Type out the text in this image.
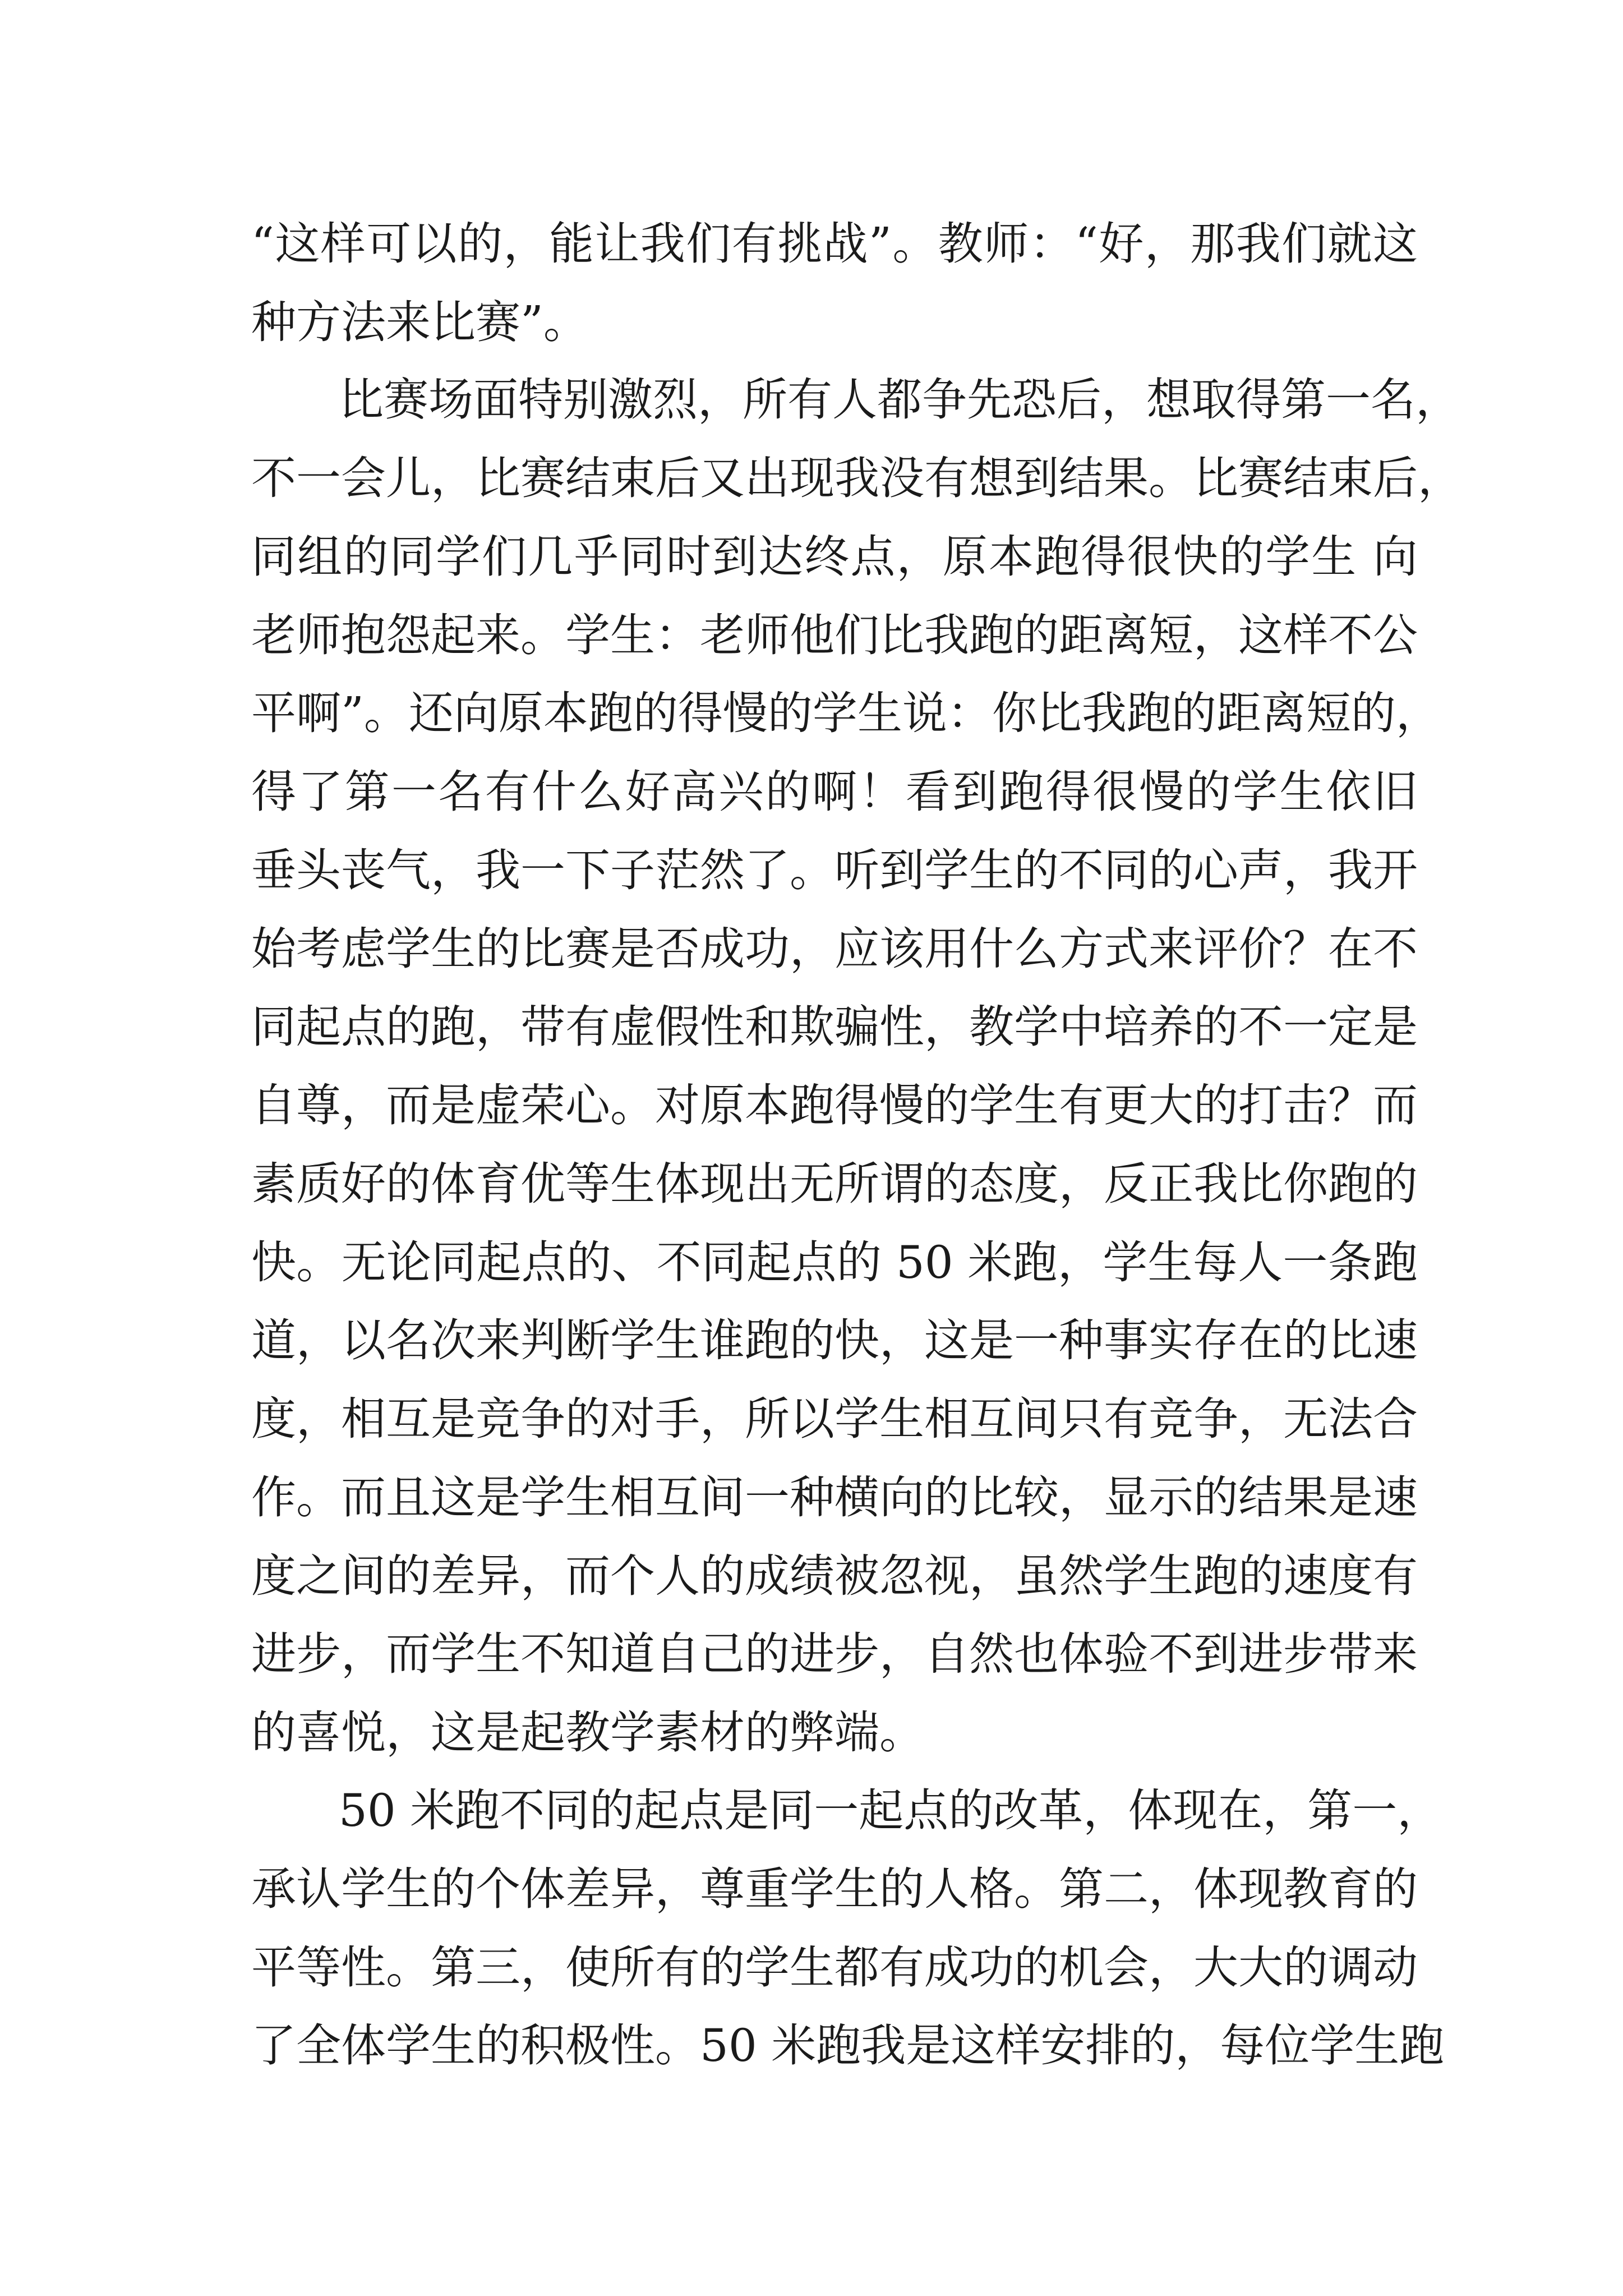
“这样可以的，能让我们有挑战”。教师：“好，那我们就这
种方法来比赛”。
比赛场面特别激烈，所有人都争先恐后，想取得第一名，
不一会儿，比赛结束后又出现我没有想到结果。比赛结束后，
同组的同学们几乎同时到达终点，原本跑得很快的学生 向
老师抱怨起来。学生：老师他们比我跑的距离短，这样不公
平啊”。还向原本跑的得慢的学生说：你比我跑的距离短的，
得了第一名有什么好高兴的啊！看到跑得很慢的学生依旧
垂头丧气，我一下子茫然了。听到学生的不同的心声，我开
始考虑学生的比赛是否成功，应该用什么方式来评价？在不
同起点的跑，带有虚假性和欺骗性，教学中培养的不一定是
自尊，而是虚荣心。对原本跑得慢的学生有更大的打击？而
素质好的体育优等生体现出无所谓的态度，反正我比你跑的
快。无论同起点的、不同起点的 50 米跑，学生每人一条跑
道，以名次来判断学生谁跑的快，这是一种事实存在的比速
度，相互是竞争的对手，所以学生相互间只有竞争，无法合
作。而且这是学生相互间一种横向的比较，显示的结果是速
度之间的差异，而个人的成绩被忽视，虽然学生跑的速度有
进步，而学生不知道自己的进步，自然也体验不到进步带来
的喜悦，这是起教学素材的弊端。
50 米跑不同的起点是同一起点的改革，体现在，第一，
承认学生的个体差异，尊重学生的人格。第二，体现教育的
平等性。第三，使所有的学生都有成功的机会，大大的调动
了全体学生的积极性。50 米跑我是这样安排的，每位学生跑
